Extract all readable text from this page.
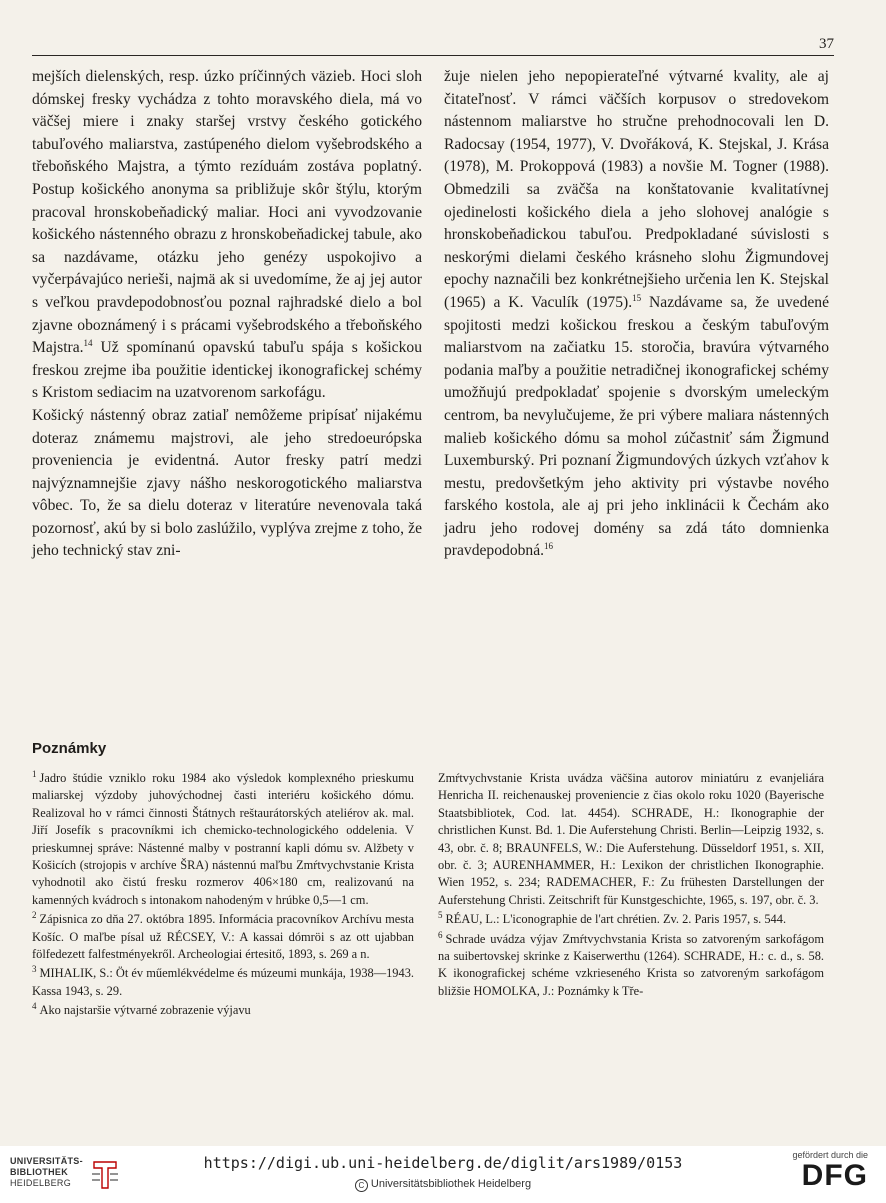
37

mejších dielenských, resp. úzko príčinných väzieb. Hoci sloh dómskej fresky vychádza z tohto moravského diela, má vo väčšej miere i znaky staršej vrstvy českého gotického tabuľového maliarstva, zastúpeného dielom vyšebrodského a třeboňského Majstra, a týmto rezíduám zostáva poplatný. Postup košického anonyma sa približuje skôr štýlu, ktorým pracoval hronskobeňadický maliar. Hoci ani vyvodzovanie košického nástenného obrazu z hronskobeňadickej tabule, ako sa nazdávame, otázku jeho genézy uspokojivo a vyčerpávajúco nerieši, najmä ak si uvedomíme, že aj jej autor s veľkou pravdepodobnosťou poznal rajhradské dielo a bol zjavne oboznámený i s prácami vyšebrodského a třeboňského Majstra.$^{14}$ Už spomínanú opavskú tabuľu spája s košickou freskou zrejme iba použitie identickej ikonografickej schémy s Kristom sediacim na uzatvorenom sarkofágu.

Košický nástenný obraz zatiaľ nemôžeme pripísať nijakému doteraz známemu majstrovi, ale jeho stredoeurópska proveniencia je evidentná. Autor fresky patrí medzi najvýznamnejšie zjavy nášho neskorogotického maliarstva vôbec. To, že sa dielu doteraz v literatúre nevenovala taká pozornosť, akú by si bolo zaslúžilo, vyplýva zrejme z toho, že jeho technický stav zni-

žuje nielen jeho nepopierateľné výtvarné kvality, ale aj čitateľnosť. V rámci väčších korpusov o stredovekom nástennom maliarstve ho stručne prehodnocovali len D. Radocsay (1954, 1977), V. Dvořáková, K. Stejskal, J. Krása (1978), M. Prokoppová (1983) a novšie M. Togner (1988). Obmedzili sa zväčša na konštatovanie kvalitatívnej ojedinelosti košického diela a jeho slohovej analógie s hronskobeňadickou tabuľou. Predpokladané súvislosti s neskorými dielami českého krásneho slohu Žigmundovej epochy naznačili bez konkrétnejšieho určenia len K. Stejskal (1965) a K. Vaculík (1975).$^{15}$ Nazdávame sa, že uvedené spojitosti medzi košickou freskou a českým tabuľovým maliarstvom na začiatku 15. storočia, bravúra výtvarného podania maľby a použitie netradičnej ikonografickej schémy umožňujú predpokladať spojenie s dvorským umeleckým centrom, ba nevylučujeme, že pri výbere maliara nástenných malieb košického dómu sa mohol zúčastniť sám Žigmund Luxemburský. Pri poznaní Žigmundových úzkych vzťahov k mestu, predovšetkým jeho aktivity pri výstavbe nového farského kostola, ale aj pri jeho inklinácii k Čechám ako jadru jeho rodovej domény sa zdá táto domnienka pravdepodobná.$^{16}$

Poznámky

$^1$ Jadro štúdie vzniklo roku 1984 ako výsledok komplexného prieskumu maliarskej výzdoby juhovýchodnej časti interiéru košického dómu. Realizoval ho v rámci činnosti Štátnych reštaurátorských ateliérov ak. mal. Jiří Josefík s pracovníkmi ich chemicko-technologického oddelenia. V prieskumnej správe: Nástenné malby v postranní kapli dómu sv. Alžbety v Košicích (strojopis v archíve ŠRA) nástennú maľbu Zmŕtvychvstanie Krista vyhodnotil ako čistú fresku rozmerov 406×180 cm, realizovanú na kamenných kvádroch s intonakom nahodeným v hrúbke 0,5—1 cm.

$^2$ Zápisnica zo dňa 27. októbra 1895. Informácia pracovníkov Archívu mesta Košíc. O maľbe písal už RÉCSEY, V.: A kassai dómröi s az ott ujabban fölfedezett falfestményekről. Archeologiai értesitő, 1893, s. 269 a n.

$^3$ MIHALIK, S.: Öt év műemlékvédelme és múzeumi munkája, 1938—1943. Kassa 1943, s. 29.

$^4$ Ako najstaršie výtvarné zobrazenie výjavu

Zmŕtvychvstanie Krista uvádza väčšina autorov miniatúru z evanjeliára Henricha II. reichenauskej proveniencie z čias okolo roku 1020 (Bayerische Staatsbibliotek, Cod. lat. 4454). SCHRADE, H.: Ikonographie der christlichen Kunst. Bd. 1. Die Auferstehung Christi. Berlin—Leipzig 1932, s. 43, obr. č. 8; BRAUNFELS, W.: Die Auferstehung. Düsseldorf 1951, s. XII, obr. č. 3; AURENHAMMER, H.: Lexikon der christlichen Ikonographie. Wien 1952, s. 234; RADEMACHER, F.: Zu frühesten Darstellungen der Auferstehung Christi. Zeitschrift für Kunstgeschichte, 1965, s. 197, obr. č. 3.

$^5$ RÉAU, L.: L'iconographie de l'art chrétien. Zv. 2. Paris 1957, s. 544.

$^6$ Schrade uvádza výjav Zmŕtvychvstania Krista so zatvoreným sarkofágom na suibertovskej skrinke z Kaiserwerthu (1264). SCHRADE, H.: c. d., s. 58. K ikonografickej schéme vzkrieseného Krista so zatvoreným sarkofágom bližšie HOMOLKA, J.: Poznámky k Tře-

UNIVERSITÄTS-
BIBLIOTHEK
HEIDELBERG
https://digi.ub.uni-heidelberg.de/diglit/ars1989/0153
C Universitätsbibliothek Heidelberg
gefördert durch die
DFG
